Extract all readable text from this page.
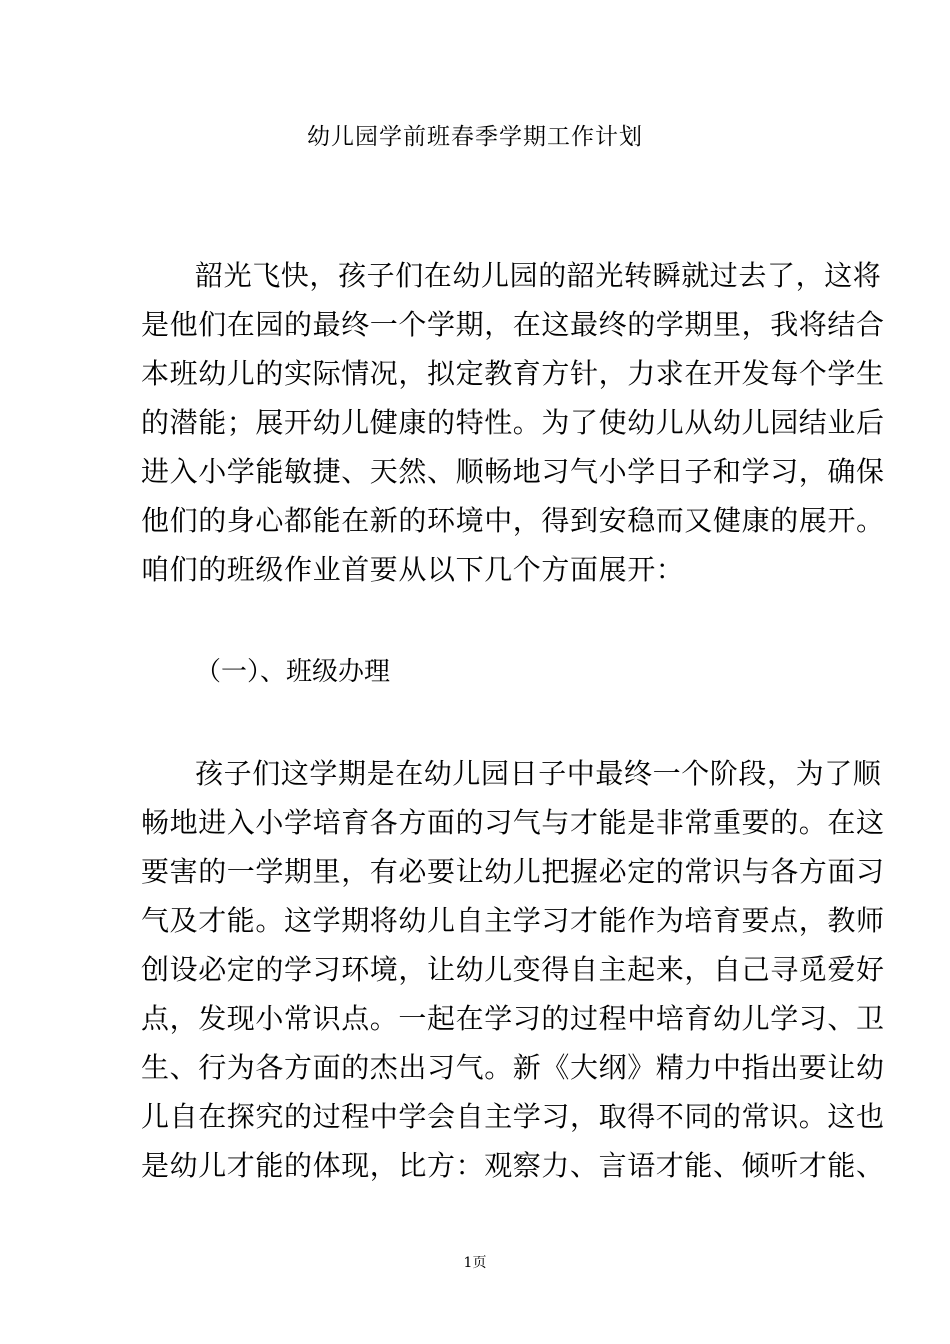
幼儿园学前班春季学期工作计划
韶光飞快，孩子们在幼儿园的韶光转瞬就过去了，这将
是他们在园的最终一个学期，在这最终的学期里，我将结合
本班幼儿的实际情况，拟定教育方针，力求在开发每个学生
的潜能；展开幼儿健康的特性。为了使幼儿从幼儿园结业后
进入小学能敏捷、天然、顺畅地习气小学日子和学习，确保
他们的身心都能在新的环境中，得到安稳而又健康的展开。
咱们的班级作业首要从以下几个方面展开：
（一）、班级办理
孩子们这学期是在幼儿园日子中最终一个阶段，为了顺
畅地进入小学培育各方面的习气与才能是非常重要的。在这
要害的一学期里，有必要让幼儿把握必定的常识与各方面习
气及才能。这学期将幼儿自主学习才能作为培育要点，教师
创设必定的学习环境，让幼儿变得自主起来，自己寻觅爱好
点，发现小常识点。一起在学习的过程中培育幼儿学习、卫
生、行为各方面的杰出习气。新《大纲》精力中指出要让幼
儿自在探究的过程中学会自主学习，取得不同的常识。这也
是幼儿才能的体现，比方：观察力、言语才能、倾听才能、
1页
